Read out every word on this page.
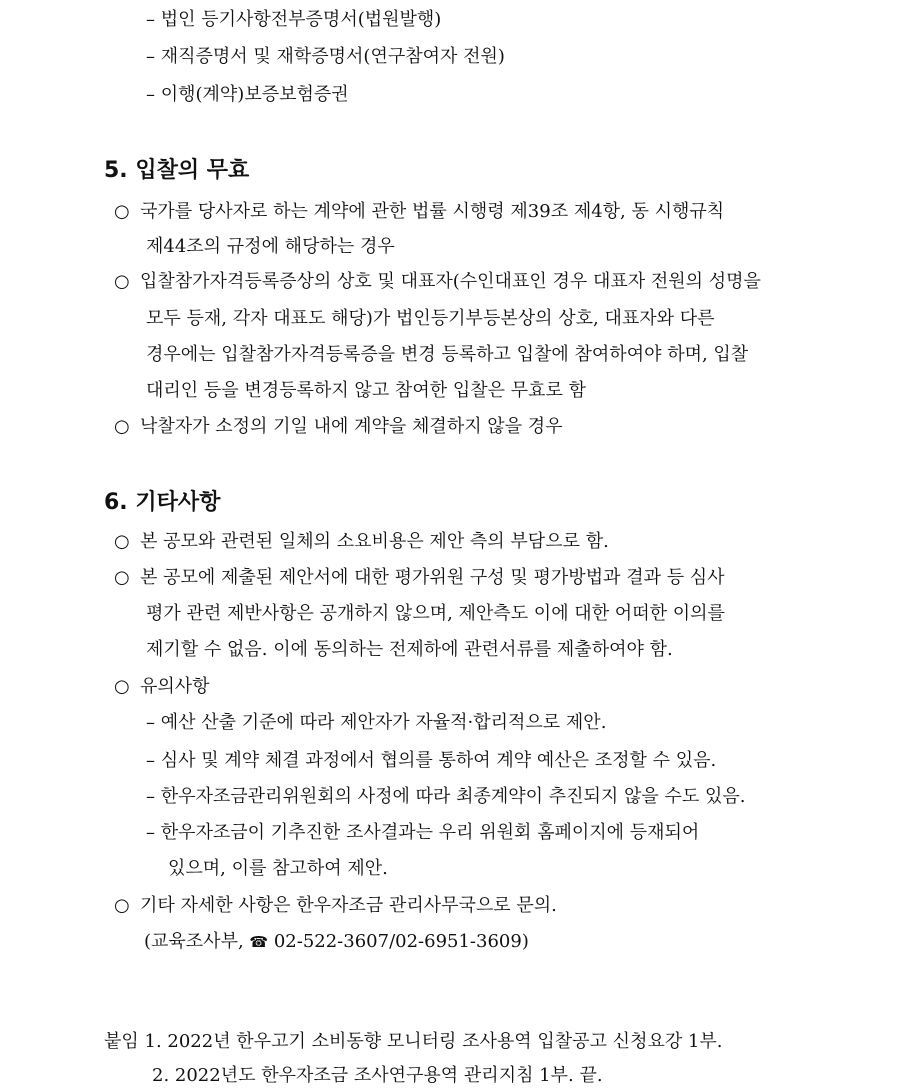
– 법인 등기사항전부증명서(법원발행)
– 재직증명서 및 재학증명서(연구참여자 전원)
– 이행(계약)보증보험증권
5. 입찰의 무효
○ 국가를 당사자로 하는 계약에 관한 법률 시행령 제39조 제4항, 동 시행규칙
제44조의 규정에 해당하는 경우
○ 입찰참가자격등록증상의 상호 및 대표자(수인대표인 경우 대표자 전원의 성명을
모두 등재, 각자 대표도 해당)가 법인등기부등본상의 상호, 대표자와 다른
경우에는 입찰참가자격등록증을 변경 등록하고 입찰에 참여하여야 하며, 입찰
대리인 등을 변경등록하지 않고 참여한 입찰은 무효로 함
○ 낙찰자가 소정의 기일 내에 계약을 체결하지 않을 경우
6. 기타사항
○ 본 공모와 관련된 일체의 소요비용은 제안 측의 부담으로 함.
○ 본 공모에 제출된 제안서에 대한 평가위원 구성 및 평가방법과 결과 등 심사
평가 관련 제반사항은 공개하지 않으며, 제안측도 이에 대한 어떠한 이의를
제기할 수 없음. 이에 동의하는 전제하에 관련서류를 제출하여야 함.
○ 유의사항
– 예산 산출 기준에 따라 제안자가 자율적·합리적으로 제안.
– 심사 및 계약 체결 과정에서 협의를 통하여 계약 예산은 조정할 수 있음.
– 한우자조금관리위원회의 사정에 따라 최종계약이 추진되지 않을 수도 있음.
– 한우자조금이 기추진한 조사결과는 우리 위원회 홈페이지에 등재되어
있으며, 이를 참고하여 제안.
○ 기타 자세한 사항은 한우자조금 관리사무국으로 문의.
(교육조사부, ☎ 02-522-3607/02-6951-3609)
붙임 1. 2022년 한우고기 소비동향 모니터링 조사용역 입찰공고 신청요강 1부.
2. 2022년도 한우자조금 조사연구용역 관리지침 1부. 끝.
